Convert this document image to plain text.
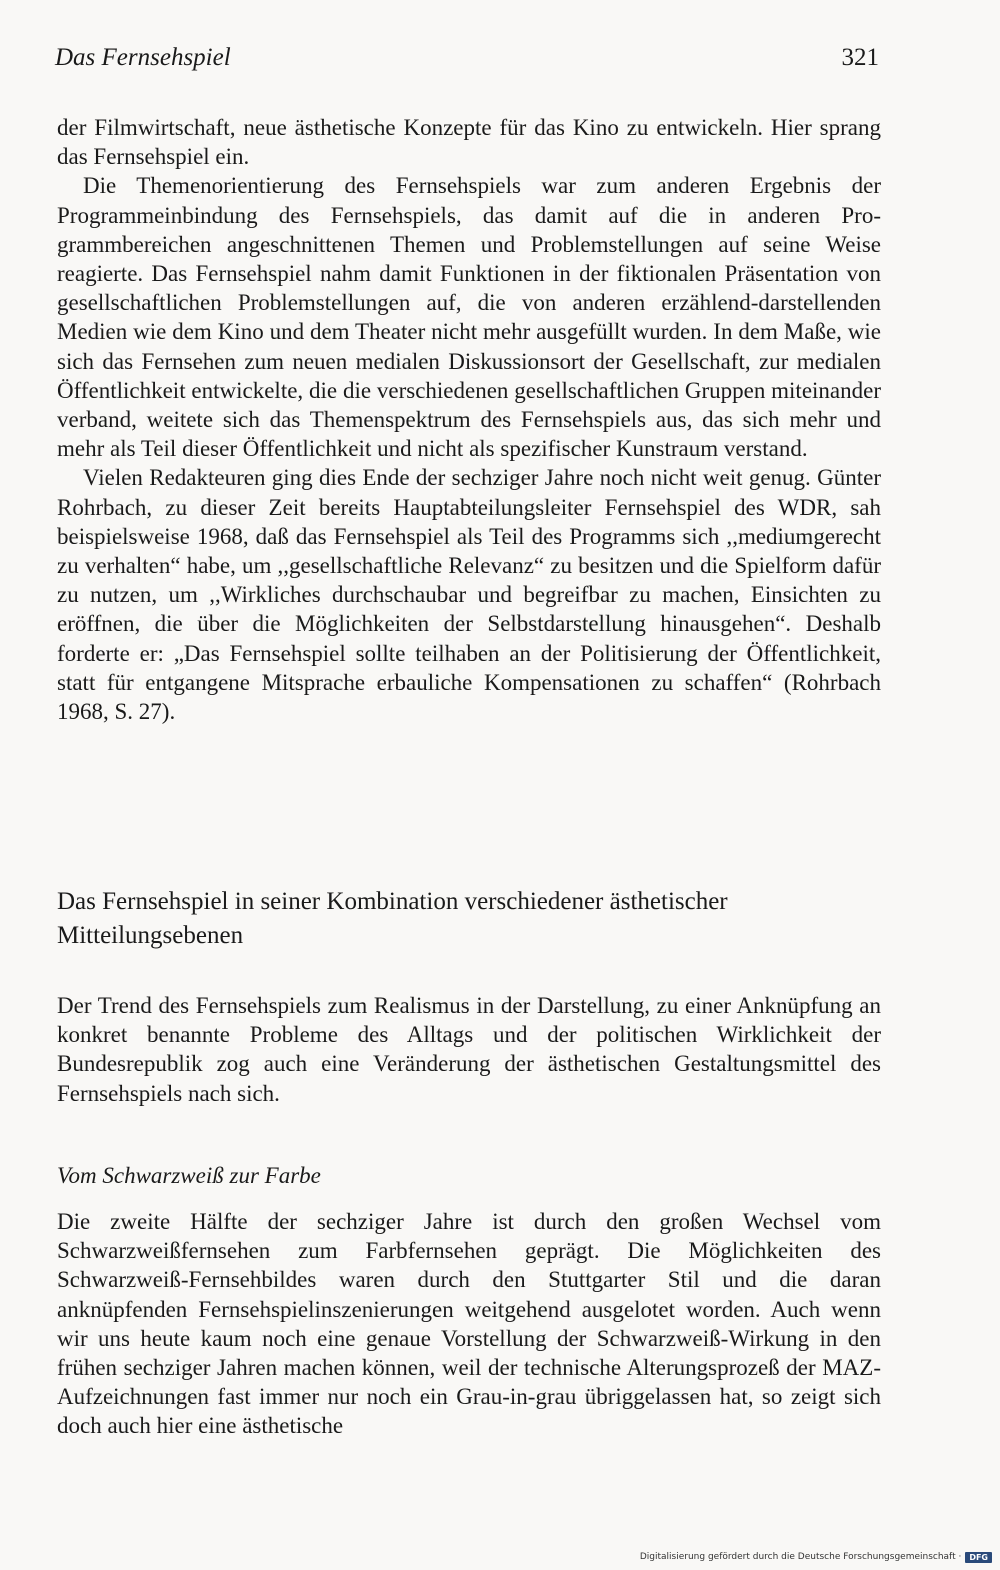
Das Fernsehspiel	321

der Filmwirtschaft, neue ästhetische Konzepte für das Kino zu entwickeln. Hier sprang das Fernsehspiel ein.

Die Themenorientierung des Fernsehspiels war zum anderen Ergebnis der Programmeinbindung des Fernsehspiels, das damit auf die in anderen Programmbereichen angeschnittenen Themen und Problemstellungen auf seine Weise reagierte. Das Fernsehspiel nahm damit Funktionen in der fiktionalen Präsentation von gesellschaftlichen Problemstellungen auf, die von anderen erzählend-darstellenden Medien wie dem Kino und dem Theater nicht mehr ausgefüllt wurden. In dem Maße, wie sich das Fernsehen zum neuen medialen Diskussionsort der Gesellschaft, zur medialen Öffentlichkeit entwickelte, die die verschiedenen gesellschaftlichen Gruppen miteinander verband, weitete sich das Themenspektrum des Fernsehspiels aus, das sich mehr und mehr als Teil dieser Öffentlichkeit und nicht als spezifischer Kunstraum verstand.

Vielen Redakteuren ging dies Ende der sechziger Jahre noch nicht weit genug. Günter Rohrbach, zu dieser Zeit bereits Hauptabteilungsleiter Fernsehspiel des WDR, sah beispielsweise 1968, daß das Fernsehspiel als Teil des Programms sich ,,mediumgerecht zu verhalten“ habe, um ,,gesellschaftliche Relevanz“ zu besitzen und die Spielform dafür zu nutzen, um ,,Wirkliches durchschaubar und begreifbar zu machen, Einsichten zu eröffnen, die über die Möglichkeiten der Selbstdarstellung hinausgehen“. Deshalb forderte er: „Das Fernsehspiel sollte teilhaben an der Politisierung der Öffentlichkeit, statt für entgangene Mitsprache erbauliche Kompensationen zu schaffen“ (Rohrbach 1968, S. 27).

Das Fernsehspiel in seiner Kombination verschiedener ästhetischer Mitteilungsebenen

Der Trend des Fernsehspiels zum Realismus in der Darstellung, zu einer Anknüpfung an konkret benannte Probleme des Alltags und der politischen Wirklichkeit der Bundesrepublik zog auch eine Veränderung der ästhetischen Gestaltungsmittel des Fernsehspiels nach sich.

Vom Schwarzweiß zur Farbe

Die zweite Hälfte der sechziger Jahre ist durch den großen Wechsel vom Schwarzweißfernsehen zum Farbfernsehen geprägt. Die Möglichkeiten des Schwarzweiß-Fernsehbildes waren durch den Stuttgarter Stil und die daran anknüpfenden Fernsehspielinszenierungen weitgehend ausgelotet worden. Auch wenn wir uns heute kaum noch eine genaue Vorstellung der Schwarzweiß-Wirkung in den frühen sechziger Jahren machen können, weil der technische Alterungsprozeß der MAZ-Aufzeichnungen fast immer nur noch ein Grau-in-grau übriggelassen hat, so zeigt sich doch auch hier eine ästhetische

Digitalisierung gefördert durch die Deutsche Forschungsgemeinschaft ·	DFG
